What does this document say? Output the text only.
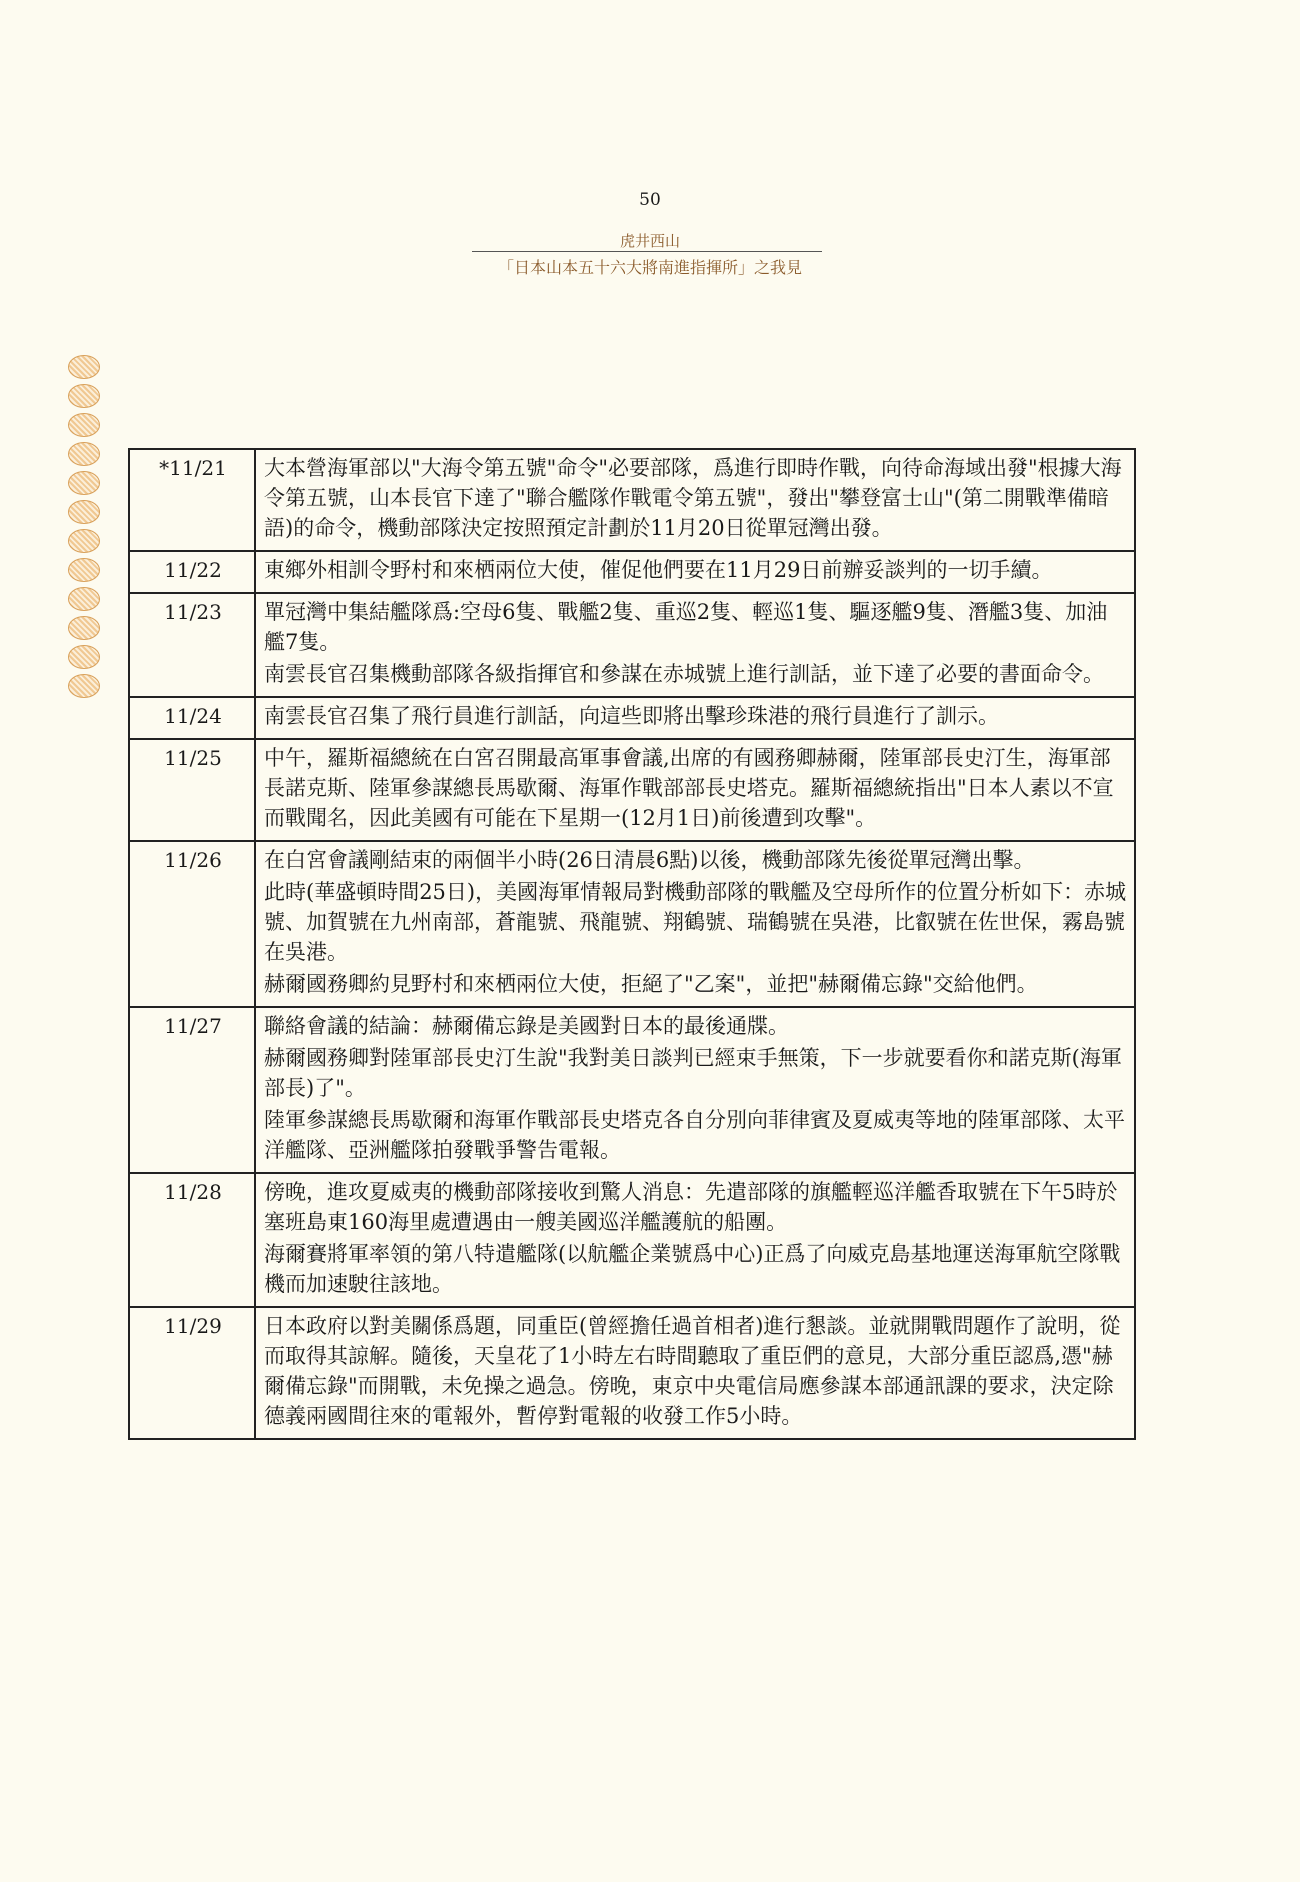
50
虎井西山
「日本山本五十六大將南進指揮所」之我見
*11/21	大本營海軍部以"大海令第五號"命令"必要部隊，爲進行即時作戰，向待命海域出發"根據大海令第五號，山本長官下達了"聯合艦隊作戰電令第五號"，發出"攀登富士山"(第二開戰準備暗語)的命令，機動部隊決定按照預定計劃於11月20日從單冠灣出發。

11/22	東鄉外相訓令野村和來栖兩位大使，催促他們要在11月29日前辦妥談判的一切手續。

11/23	單冠灣中集結艦隊爲:空母6隻、戰艦2隻、重巡2隻、輕巡1隻、驅逐艦9隻、潛艦3隻、加油艦7隻。
南雲長官召集機動部隊各級指揮官和參謀在赤城號上進行訓話，並下達了必要的書面命令。

11/24	南雲長官召集了飛行員進行訓話，向這些即將出擊珍珠港的飛行員進行了訓示。

11/25	中午，羅斯福總統在白宮召開最高軍事會議,出席的有國務卿赫爾，陸軍部長史汀生，海軍部長諾克斯、陸軍參謀總長馬歇爾、海軍作戰部部長史塔克。羅斯福總統指出"日本人素以不宣而戰聞名，因此美國有可能在下星期一(12月1日)前後遭到攻擊"。

11/26	在白宮會議剛結束的兩個半小時(26日清晨6點)以後，機動部隊先後從單冠灣出擊。
此時(華盛頓時間25日)，美國海軍情報局對機動部隊的戰艦及空母所作的位置分析如下：赤城號、加賀號在九州南部，蒼龍號、飛龍號、翔鶴號、瑞鶴號在吳港，比叡號在佐世保，霧島號在吳港。
赫爾國務卿約見野村和來栖兩位大使，拒絕了"乙案"，並把"赫爾備忘錄"交給他們。

11/27	聯絡會議的結論：赫爾備忘錄是美國對日本的最後通牒。
赫爾國務卿對陸軍部長史汀生說"我對美日談判已經束手無策，下一步就要看你和諾克斯(海軍部長)了"。
陸軍參謀總長馬歇爾和海軍作戰部長史塔克各自分別向菲律賓及夏威夷等地的陸軍部隊、太平洋艦隊、亞洲艦隊拍發戰爭警告電報。

11/28	傍晚，進攻夏威夷的機動部隊接收到驚人消息：先遣部隊的旗艦輕巡洋艦香取號在下午5時於塞班島東160海里處遭遇由一艘美國巡洋艦護航的船團。
海爾賽將軍率領的第八特遣艦隊(以航艦企業號爲中心)正爲了向威克島基地運送海軍航空隊戰機而加速駛往該地。

11/29	日本政府以對美關係爲題，同重臣(曾經擔任過首相者)進行懇談。並就開戰問題作了說明，從而取得其諒解。隨後，天皇花了1小時左右時間聽取了重臣們的意見，大部分重臣認爲,憑"赫爾備忘錄"而開戰，未免操之過急。傍晚，東京中央電信局應參謀本部通訊課的要求，決定除德義兩國間往來的電報外，暫停對電報的收發工作5小時。
